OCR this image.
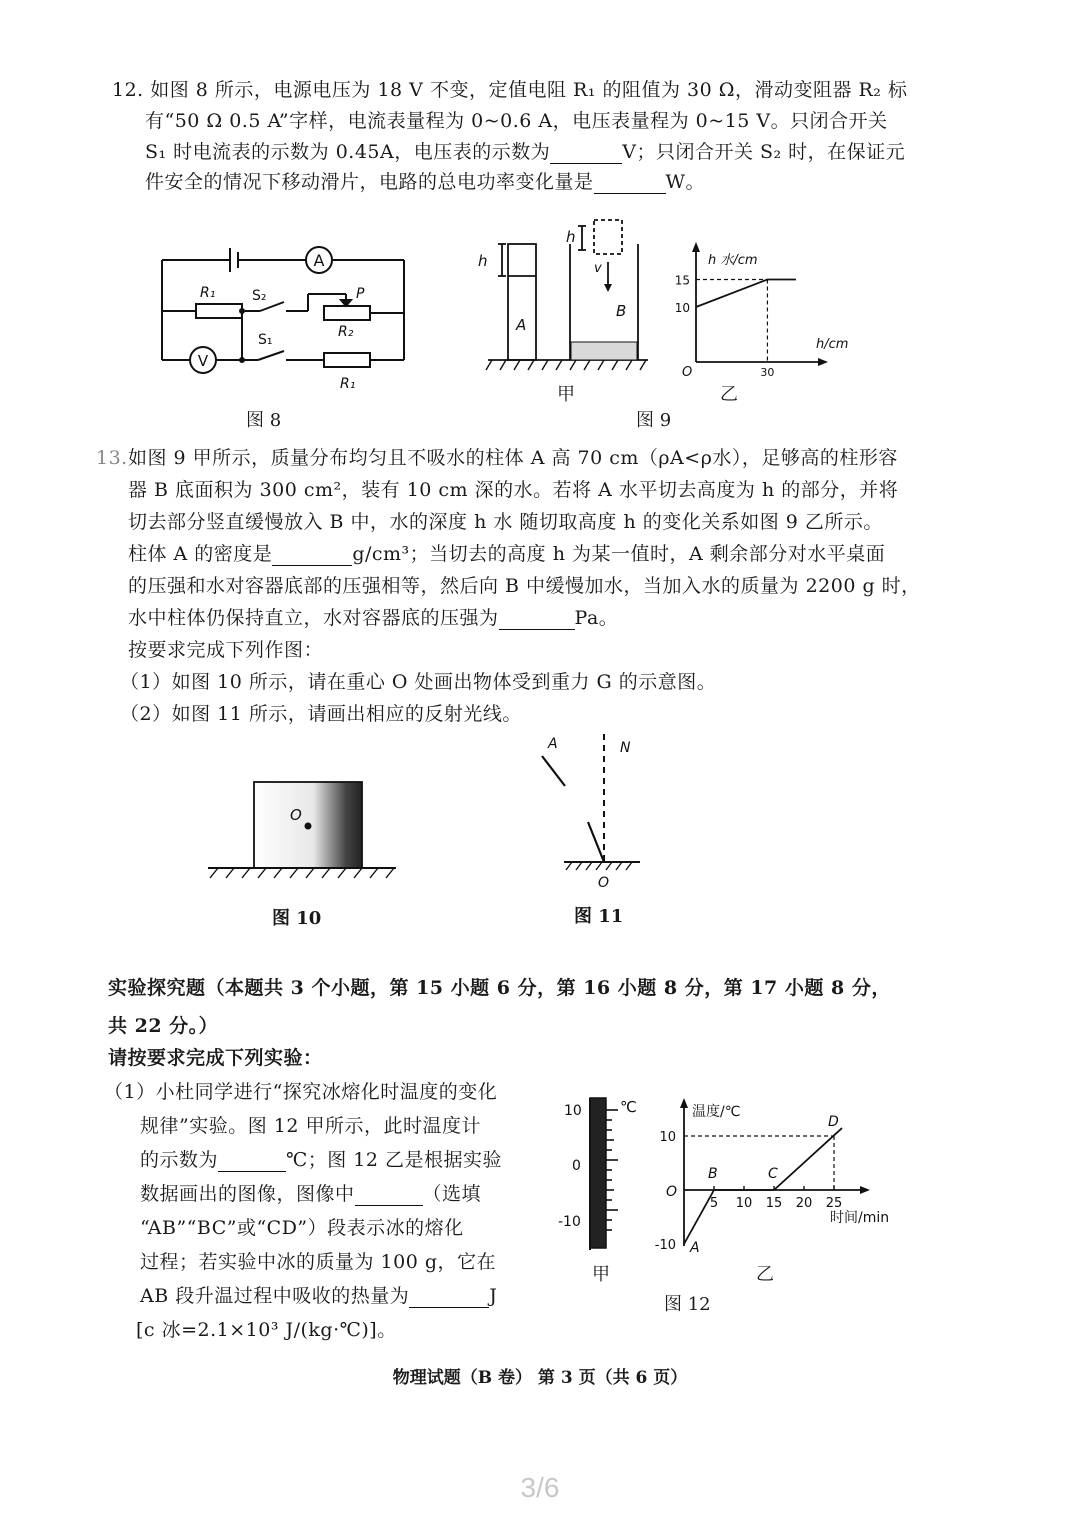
12. 如图 8 所示，电源电压为 18 V 不变，定值电阻 R₁ 的阻值为 30 Ω，滑动变阻器 R₂ 标
有“50 Ω 0.5 A”字样，电流表量程为 0~0.6 A，电压表量程为 0~15 V。只闭合开关
S₁ 时电流表的示数为 0.45A，电压表的示数为	V；只闭合开关 S₂ 时，在保证元
件安全的情况下移动滑片，电路的总电功率变化量是	W。
A
V
R₁	S₂	P
R₂
S₁
R₁
图 8
h
A
h
v
B
甲
10
15
30
h 水/cm
h/cm
O
乙
图 9
13. 如图 9 甲所示，质量分布均匀且不吸水的柱体 A 高 70 cm（ρA<ρ水），足够高的柱形容
器 B 底面积为 300 cm²，装有 10 cm 深的水。若将 A 水平切去高度为 h 的部分，并将
切去部分竖直缓慢放入 B 中，水的深度 h 水 随切取高度 h 的变化关系如图 9 乙所示。
柱体 A 的密度是	g/cm³；当切去的高度 h 为某一值时，A 剩余部分对水平桌面
的压强和水对容器底部的压强相等，然后向 B 中缓慢加水，当加入水的质量为 2200 g 时，
水中柱体仍保持直立，水对容器底的压强为	Pa。
按要求完成下列作图：
（1）如图 10 所示，请在重心 O 处画出物体受到重力 G 的示意图。
（2）如图 11 所示，请画出相应的反射光线。
O
图 10
A	N
O
图 11
实验探究题（本题共 3 个小题，第 15 小题 6 分，第 16 小题 8 分，第 17 小题 8 分，
共 22 分。）
请按要求完成下列实验：
（1）小杜同学进行“探究冰熔化时温度的变化
规律”实验。图 12 甲所示，此时温度计
的示数为	℃；图 12 乙是根据实验
数据画出的图像，图像中	（选填
“AB”“BC”或“CD”）段表示冰的熔化
过程；若实验中冰的质量为 100 g，它在
AB 段升温过程中吸收的热量为	J
[c 冰=2.1×10³ J/(kg·℃)]。
℃
10
0
-10
甲
A
B	C
D
10
-10
5 10 15 20 25
温度/℃
时间/min
O
乙
图 12
物理试题（B 卷） 第 3 页（共 6 页）
3/6
